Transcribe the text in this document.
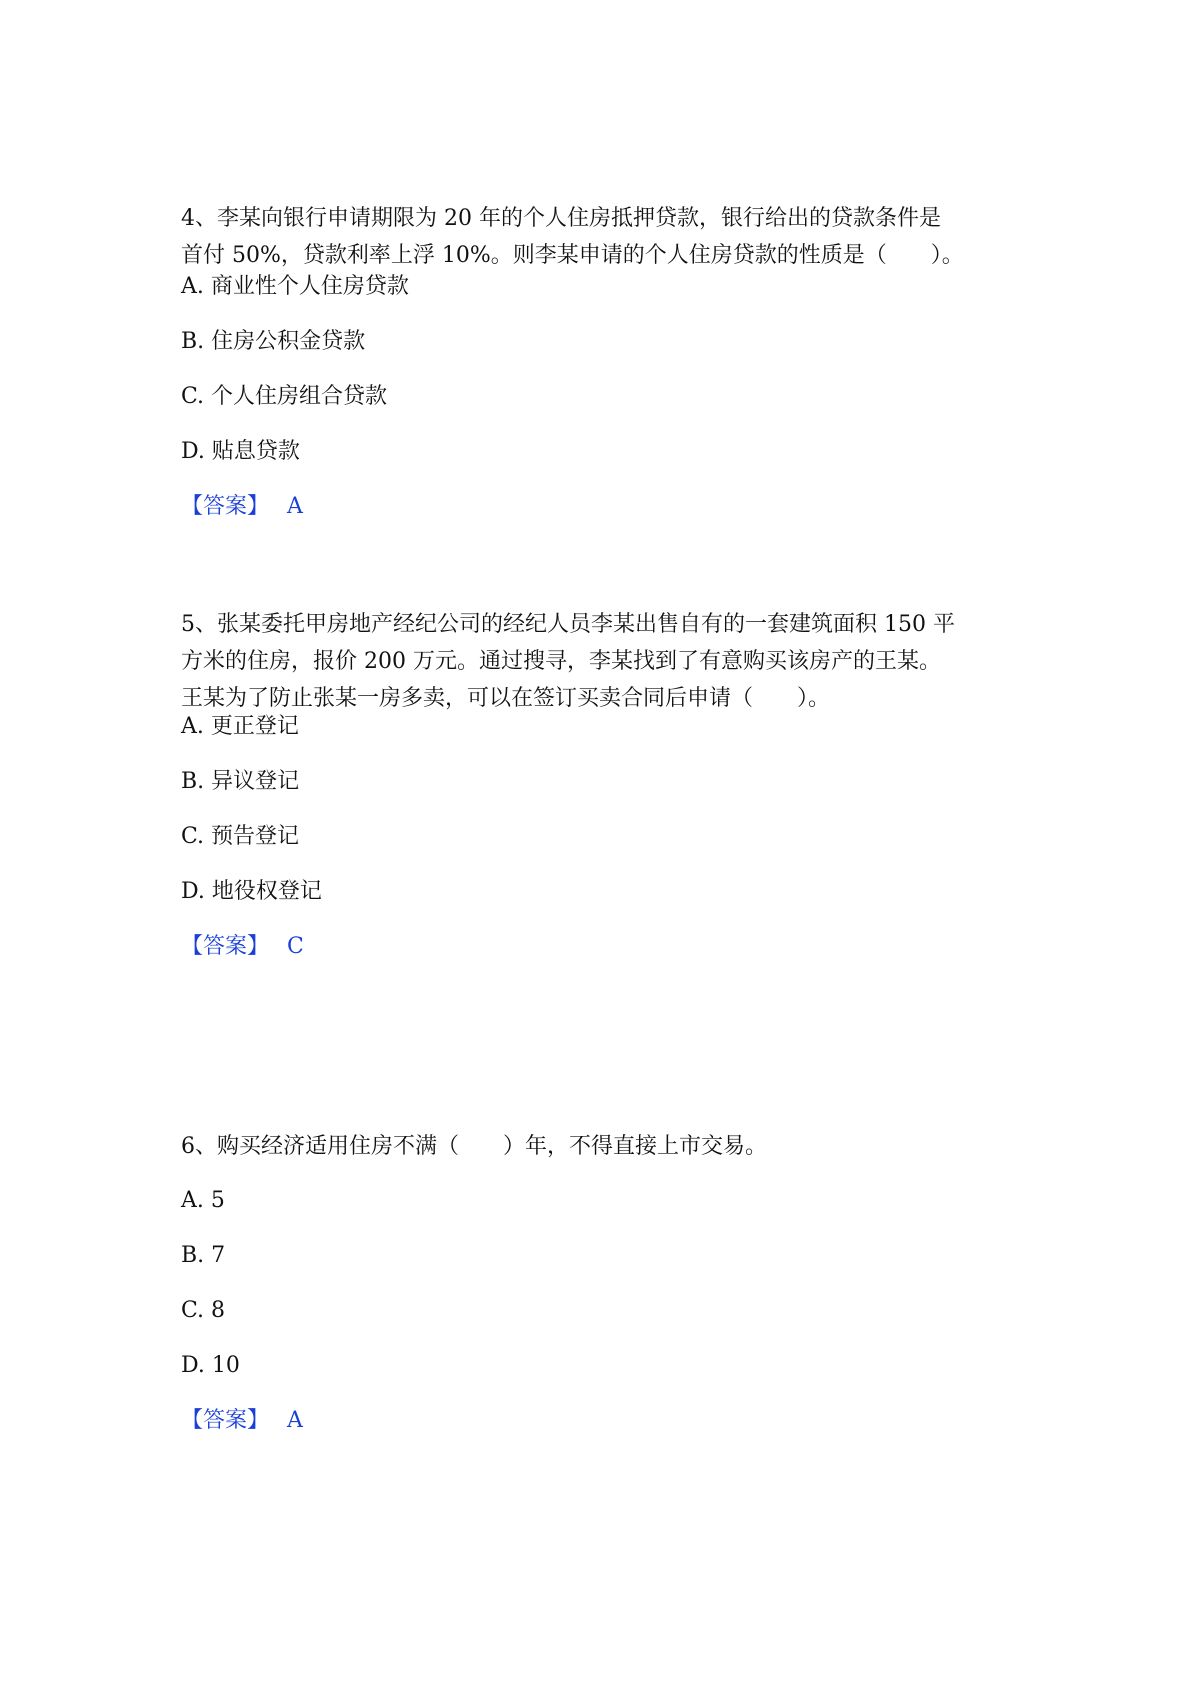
4、李某向银行申请期限为 20 年的个人住房抵押贷款，银行给出的贷款条件是
首付 50%，贷款利率上浮 10%。则李某申请的个人住房贷款的性质是（　　）。

A. 商业性个人住房贷款

B. 住房公积金贷款

C. 个人住房组合贷款

D. 贴息贷款

【答案】 A

5、张某委托甲房地产经纪公司的经纪人员李某出售自有的一套建筑面积 150 平
方米的住房，报价 200 万元。通过搜寻，李某找到了有意购买该房产的王某。
王某为了防止张某一房多卖，可以在签订买卖合同后申请（　　）。

A. 更正登记

B. 异议登记

C. 预告登记

D. 地役权登记

【答案】 C

6、购买经济适用住房不满（　　）年，不得直接上市交易。

A. 5

B. 7

C. 8

D. 10

【答案】 A
